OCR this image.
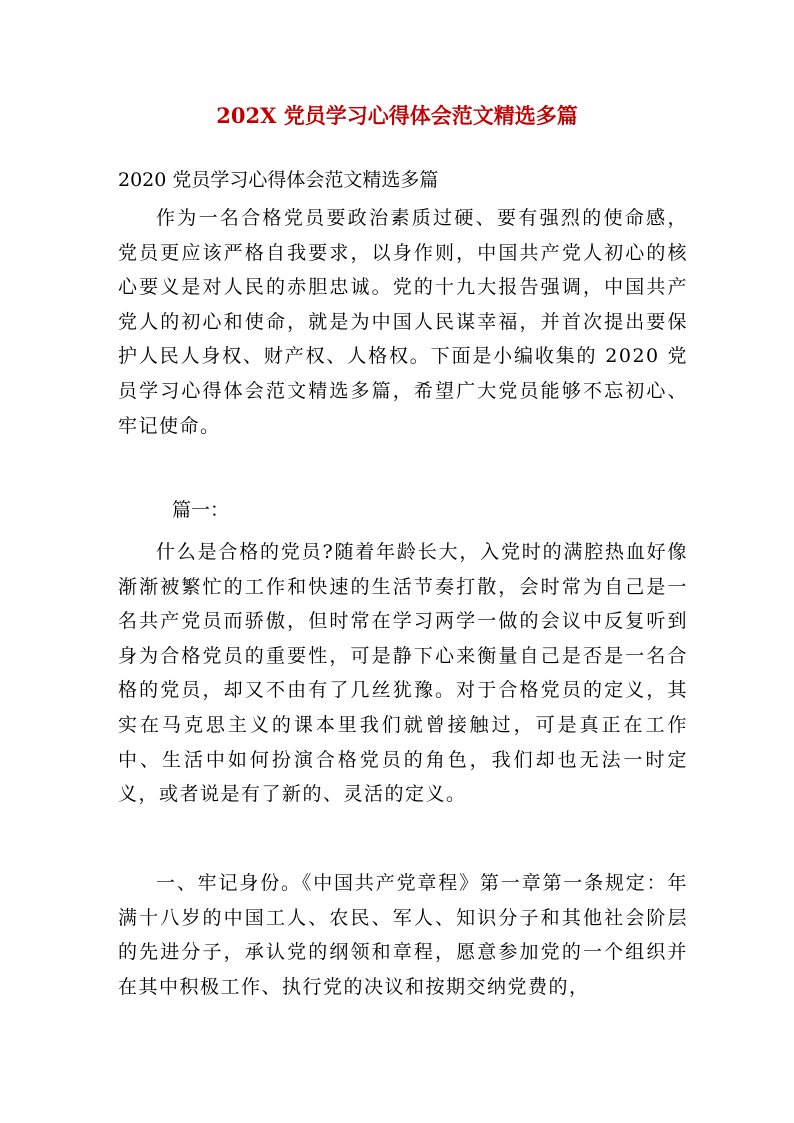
202X 党员学习心得体会范文精选多篇

2020 党员学习心得体会范文精选多篇

作为一名合格党员要政治素质过硬、要有强烈的使命感，党员更应该严格自我要求，以身作则，中国共产党人初心的核心要义是对人民的赤胆忠诚。党的十九大报告强调，中国共产党人的初心和使命，就是为中国人民谋幸福，并首次提出要保护人民人身权、财产权、人格权。下面是小编收集的 2020 党员学习心得体会范文精选多篇，希望广大党员能够不忘初心、牢记使命。

篇一：

什么是合格的党员?随着年龄长大，入党时的满腔热血好像渐渐被繁忙的工作和快速的生活节奏打散，会时常为自己是一名共产党员而骄傲，但时常在学习两学一做的会议中反复听到身为合格党员的重要性，可是静下心来衡量自己是否是一名合格的党员，却又不由有了几丝犹豫。对于合格党员的定义，其实在马克思主义的课本里我们就曾接触过，可是真正在工作中、生活中如何扮演合格党员的角色，我们却也无法一时定义，或者说是有了新的、灵活的定义。

一、牢记身份。《中国共产党章程》第一章第一条规定：年满十八岁的中国工人、农民、军人、知识分子和其他社会阶层的先进分子，承认党的纲领和章程，愿意参加党的一个组织并在其中积极工作、执行党的决议和按期交纳党费的，
